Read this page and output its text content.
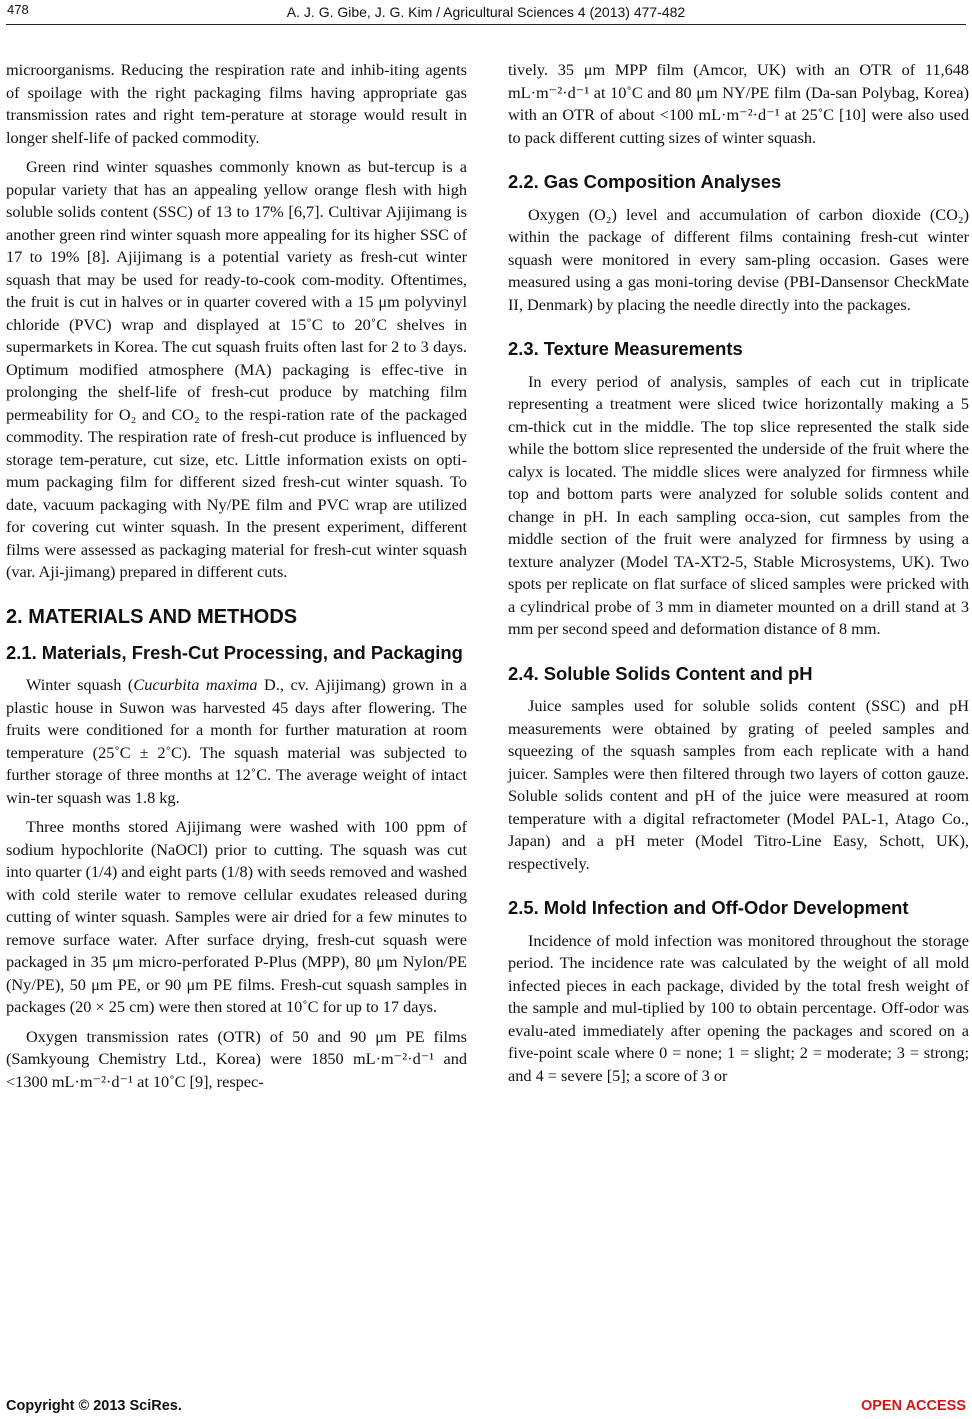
478	A. J. G. Gibe, J. G. Kim / Agricultural Sciences 4 (2013) 477-482

microorganisms. Reducing the respiration rate and inhib-iting agents of spoilage with the right packaging films having appropriate gas transmission rates and right tem-perature at storage would result in longer shelf-life of packed commodity.

Green rind winter squashes commonly known as but-tercup is a popular variety that has an appealing yellow orange flesh with high soluble solids content (SSC) of 13 to 17% [6,7]. Cultivar Ajijimang is another green rind winter squash more appealing for its higher SSC of 17 to 19% [8]. Ajijimang is a potential variety as fresh-cut winter squash that may be used for ready-to-cook com-modity. Oftentimes, the fruit is cut in halves or in quarter covered with a 15 μm polyvinyl chloride (PVC) wrap and displayed at 15˚C to 20˚C shelves in supermarkets in Korea. The cut squash fruits often last for 2 to 3 days. Optimum modified atmosphere (MA) packaging is effec-tive in prolonging the shelf-life of fresh-cut produce by matching film permeability for O₂ and CO₂ to the respi-ration rate of the packaged commodity. The respiration rate of fresh-cut produce is influenced by storage tem-perature, cut size, etc. Little information exists on opti-mum packaging film for different sized fresh-cut winter squash. To date, vacuum packaging with Ny/PE film and PVC wrap are utilized for covering cut winter squash. In the present experiment, different films were assessed as packaging material for fresh-cut winter squash (var. Aji-jimang) prepared in different cuts.

2. MATERIALS AND METHODS
2.1. Materials, Fresh-Cut Processing, and Packaging

Winter squash (Cucurbita maxima D., cv. Ajijimang) grown in a plastic house in Suwon was harvested 45 days after flowering. The fruits were conditioned for a month for further maturation at room temperature (25˚C ± 2˚C). The squash material was subjected to further storage of three months at 12˚C. The average weight of intact win-ter squash was 1.8 kg.

Three months stored Ajijimang were washed with 100 ppm of sodium hypochlorite (NaOCl) prior to cutting. The squash was cut into quarter (1/4) and eight parts (1/8) with seeds removed and washed with cold sterile water to remove cellular exudates released during cutting of winter squash. Samples were air dried for a few minutes to remove surface water. After surface drying, fresh-cut squash were packaged in 35 μm micro-perforated P-Plus (MPP), 80 μm Nylon/PE (Ny/PE), 50 μm PE, or 90 μm PE films. Fresh-cut squash samples in packages (20 × 25 cm) were then stored at 10˚C for up to 17 days.

Oxygen transmission rates (OTR) of 50 and 90 μm PE films (Samkyoung Chemistry Ltd., Korea) were 1850 mL·m⁻²·d⁻¹ and <1300 mL·m⁻²·d⁻¹ at 10˚C [9], respec-

tively. 35 μm MPP film (Amcor, UK) with an OTR of 11,648 mL·m⁻²·d⁻¹ at 10˚C and 80 μm NY/PE film (Da-san Polybag, Korea) with an OTR of about <100 mL·m⁻²·d⁻¹ at 25˚C [10] were also used to pack different cutting sizes of winter squash.

2.2. Gas Composition Analyses

Oxygen (O₂) level and accumulation of carbon dioxide (CO₂) within the package of different films containing fresh-cut winter squash were monitored in every sam-pling occasion. Gases were measured using a gas moni-toring devise (PBI-Dansensor CheckMate II, Denmark) by placing the needle directly into the packages.

2.3. Texture Measurements

In every period of analysis, samples of each cut in triplicate representing a treatment were sliced twice horizontally making a 5 cm-thick cut in the middle. The top slice represented the stalk side while the bottom slice represented the underside of the fruit where the calyx is located. The middle slices were analyzed for firmness while top and bottom parts were analyzed for soluble solids content and change in pH. In each sampling occa-sion, cut samples from the middle section of the fruit were analyzed for firmness by using a texture analyzer (Model TA-XT2-5, Stable Microsystems, UK). Two spots per replicate on flat surface of sliced samples were pricked with a cylindrical probe of 3 mm in diameter mounted on a drill stand at 3 mm per second speed and deformation distance of 8 mm.

2.4. Soluble Solids Content and pH

Juice samples used for soluble solids content (SSC) and pH measurements were obtained by grating of peeled samples and squeezing of the squash samples from each replicate with a hand juicer. Samples were then filtered through two layers of cotton gauze. Soluble solids content and pH of the juice were measured at room temperature with a digital refractometer (Model PAL-1, Atago Co., Japan) and a pH meter (Model Titro-Line Easy, Schott, UK), respectively.

2.5. Mold Infection and Off-Odor Development

Incidence of mold infection was monitored throughout the storage period. The incidence rate was calculated by the weight of all mold infected pieces in each package, divided by the total fresh weight of the sample and mul-tiplied by 100 to obtain percentage. Off-odor was evalu-ated immediately after opening the packages and scored on a five-point scale where 0 = none; 1 = slight; 2 = moderate; 3 = strong; and 4 = severe [5]; a score of 3 or

Copyright © 2013 SciRes.	OPEN ACCESS
